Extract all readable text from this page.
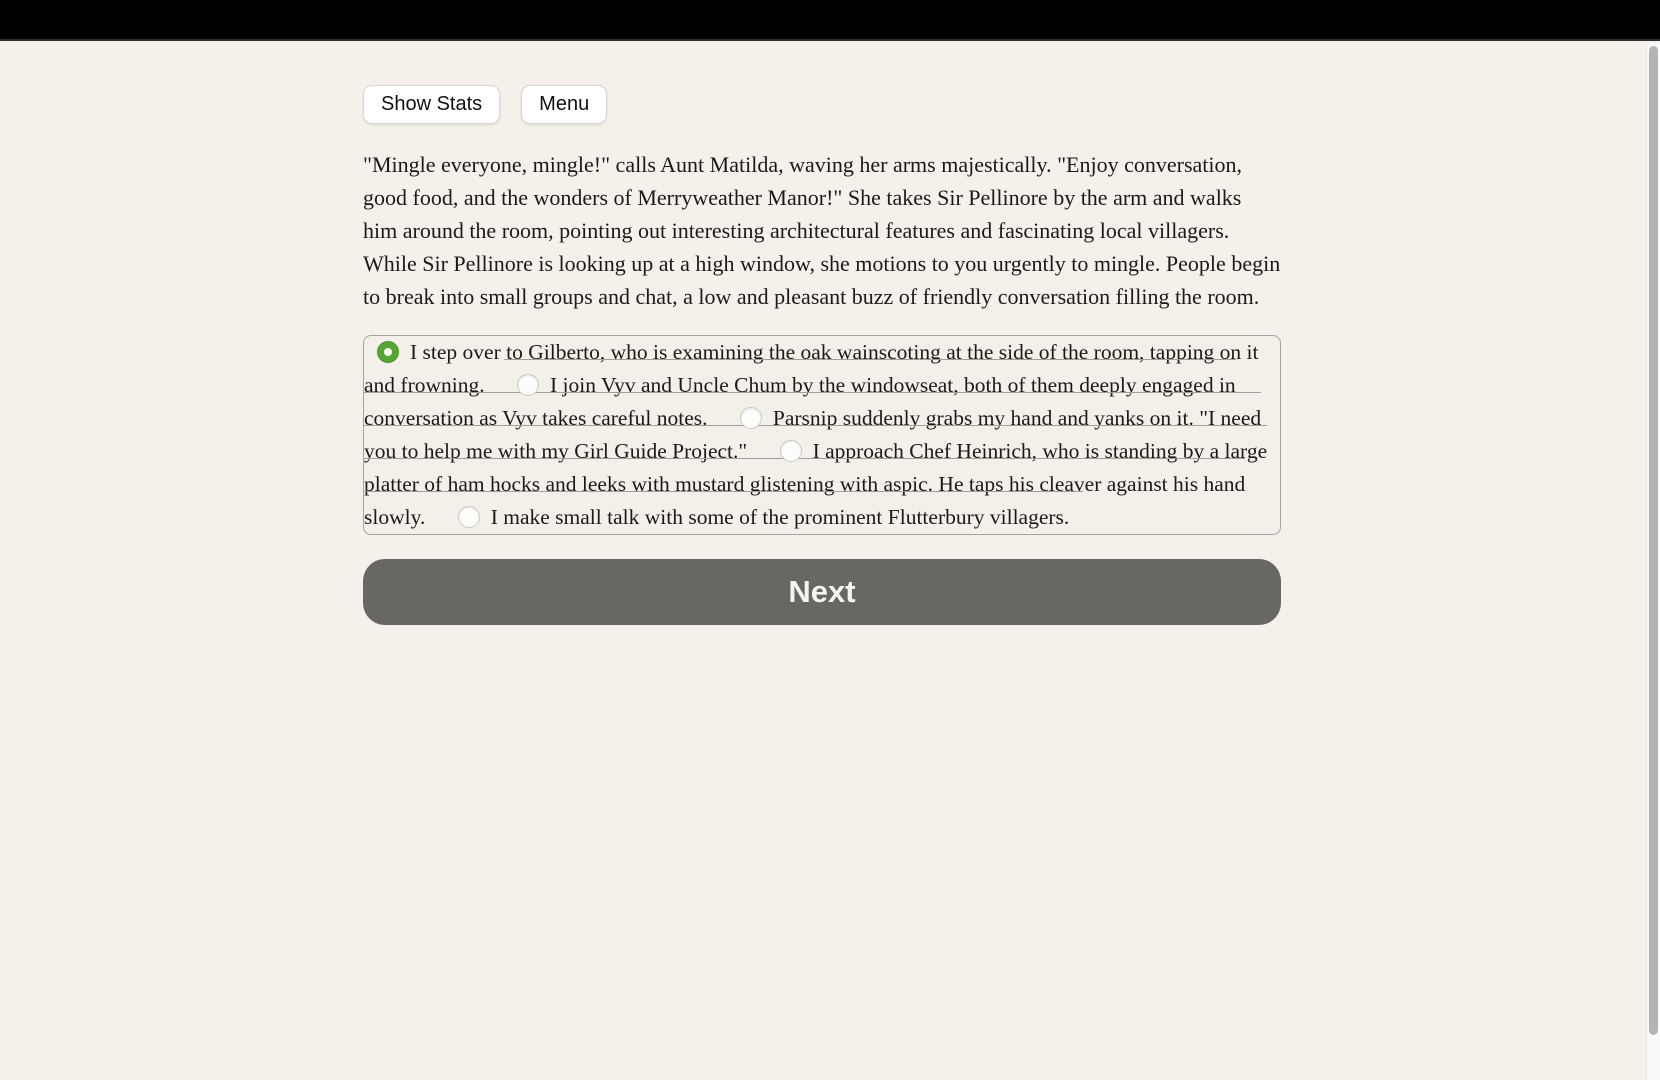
Show Stats	Menu

"Mingle everyone, mingle!" calls Aunt Matilda, waving her arms majestically. "Enjoy conversation, good food, and the wonders of Merryweather Manor!" She takes Sir Pellinore by the arm and walks him around the room, pointing out interesting architectural features and fascinating local villagers. While Sir Pellinore is looking up at a high window, she motions to you urgently to mingle. People begin to break into small groups and chat, a low and pleasant buzz of friendly conversation filling the room.

I step over to Gilberto, who is examining the oak wainscoting at the side of the room, tapping on it and frowning.	I join Vyv and Uncle Chum by the windowseat, both of them deeply engaged in conversation as Vyv takes careful notes.	Parsnip suddenly grabs my hand and yanks on it. "I need you to help me with my Girl Guide Project."	I approach Chef Heinrich, who is standing by a large platter of ham hocks and leeks with mustard glistening with aspic. He taps his cleaver against his hand slowly.	I make small talk with some of the prominent Flutterbury villagers.
Next
